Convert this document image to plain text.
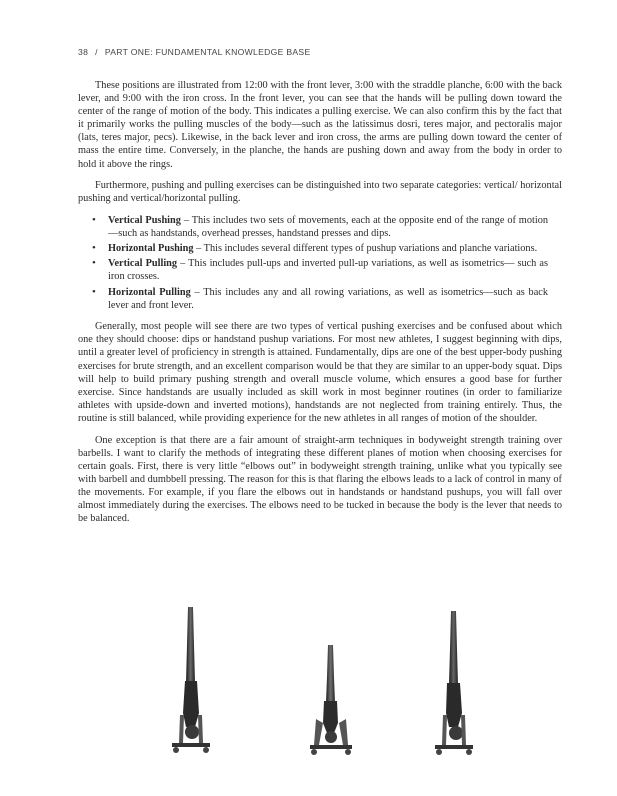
38 / PART ONE: FUNDAMENTAL KNOWLEDGE BASE

These positions are illustrated from 12:00 with the front lever, 3:00 with the straddle planche, 6:00 with the back lever, and 9:00 with the iron cross. In the front lever, you can see that the hands will be pulling down toward the center of the range of motion of the body. This indicates a pulling exercise. We can also confirm this by the fact that it primarily works the pulling muscles of the body—such as the latissimus dosri, teres major, and pectoralis major (lats, teres major, pecs). Likewise, in the back lever and iron cross, the arms are pulling down toward the center of mass the entire time. Conversely, in the planche, the hands are pushing down and away from the body in order to hold it above the rings.

Furthermore, pushing and pulling exercises can be distinguished into two separate categories: vertical/ horizontal pushing and vertical/horizontal pulling.

• Vertical Pushing – This includes two sets of movements, each at the opposite end of the range of motion—such as handstands, overhead presses, handstand presses and dips.
• Horizontal Pushing – This includes several different types of pushup variations and planche variations.
• Vertical Pulling – This includes pull-ups and inverted pull-up variations, as well as isometrics— such as iron crosses.
• Horizontal Pulling – This includes any and all rowing variations, as well as isometrics—such as back lever and front lever.

Generally, most people will see there are two types of vertical pushing exercises and be confused about which one they should choose: dips or handstand pushup variations. For most new athletes, I suggest beginning with dips, until a greater level of proficiency in strength is attained. Fundamentally, dips are one of the best upper-body pushing exercises for brute strength, and an excellent comparison would be that they are similar to an upper-body squat. Dips will help to build primary pushing strength and overall muscle volume, which ensures a good base for further exercise. Since handstands are usually included as skill work in most beginner routines (in order to familiarize athletes with upside-down and inverted motions), handstands are not neglected from training entirely. Thus, the routine is still balanced, while providing experience for the new athletes in all ranges of motion of the shoulder.

One exception is that there are a fair amount of straight-arm techniques in bodyweight strength training over barbells. I want to clarify the methods of integrating these different planes of motion when choosing exercises for certain goals. First, there is very little “elbows out” in bodyweight strength training, unlike what you typically see with barbell and dumbbell pressing. The reason for this is that flaring the elbows leads to a lack of control in many of the movements. For example, if you flare the elbows out in handstands or handstand pushups, you will fall over almost immediately during the exercises. The elbows need to be tucked in because the body is the lever that needs to be balanced.
